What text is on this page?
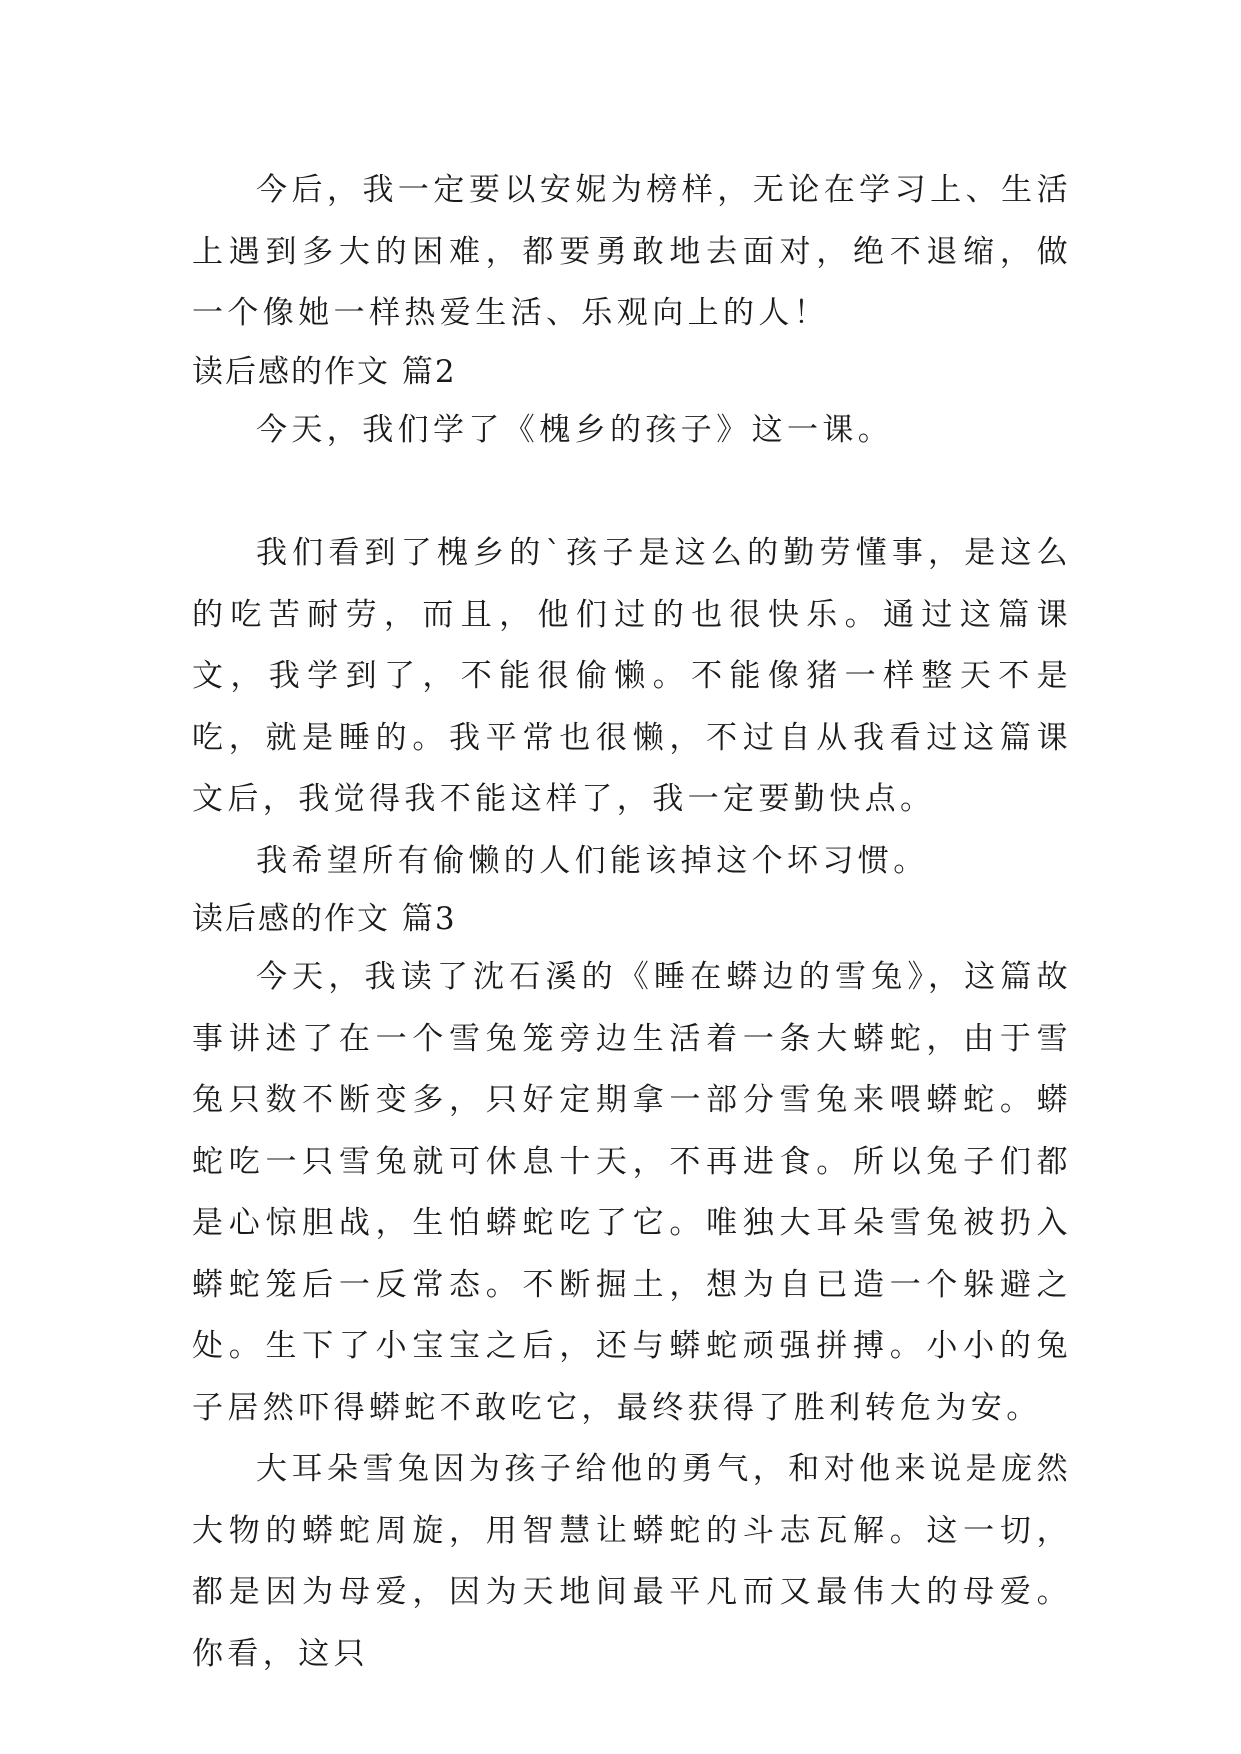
今后，我一定要以安妮为榜样，无论在学习上、生活上遇到多大的困难，都要勇敢地去面对，绝不退缩，做一个像她一样热爱生活、乐观向上的人！

读后感的作文 篇2

今天，我们学了《槐乡的孩子》这一课。

我们看到了槐乡的`孩子是这么的勤劳懂事，是这么的吃苦耐劳，而且，他们过的也很快乐。通过这篇课文，我学到了，不能很偷懒。不能像猪一样整天不是吃，就是睡的。我平常也很懒，不过自从我看过这篇课文后，我觉得我不能这样了，我一定要勤快点。

我希望所有偷懒的人们能该掉这个坏习惯。

读后感的作文 篇3

今天，我读了沈石溪的《睡在蟒边的雪兔》，这篇故事讲述了在一个雪兔笼旁边生活着一条大蟒蛇，由于雪兔只数不断变多，只好定期拿一部分雪兔来喂蟒蛇。蟒蛇吃一只雪兔就可休息十天，不再进食。所以兔子们都是心惊胆战，生怕蟒蛇吃了它。唯独大耳朵雪兔被扔入蟒蛇笼后一反常态。不断掘土，想为自已造一个躲避之处。生下了小宝宝之后，还与蟒蛇顽强拼搏。小小的兔子居然吓得蟒蛇不敢吃它，最终获得了胜利转危为安。

大耳朵雪兔因为孩子给他的勇气，和对他来说是庞然大物的蟒蛇周旋，用智慧让蟒蛇的斗志瓦解。这一切，都是因为母爱，因为天地间最平凡而又最伟大的母爱。你看，这只
